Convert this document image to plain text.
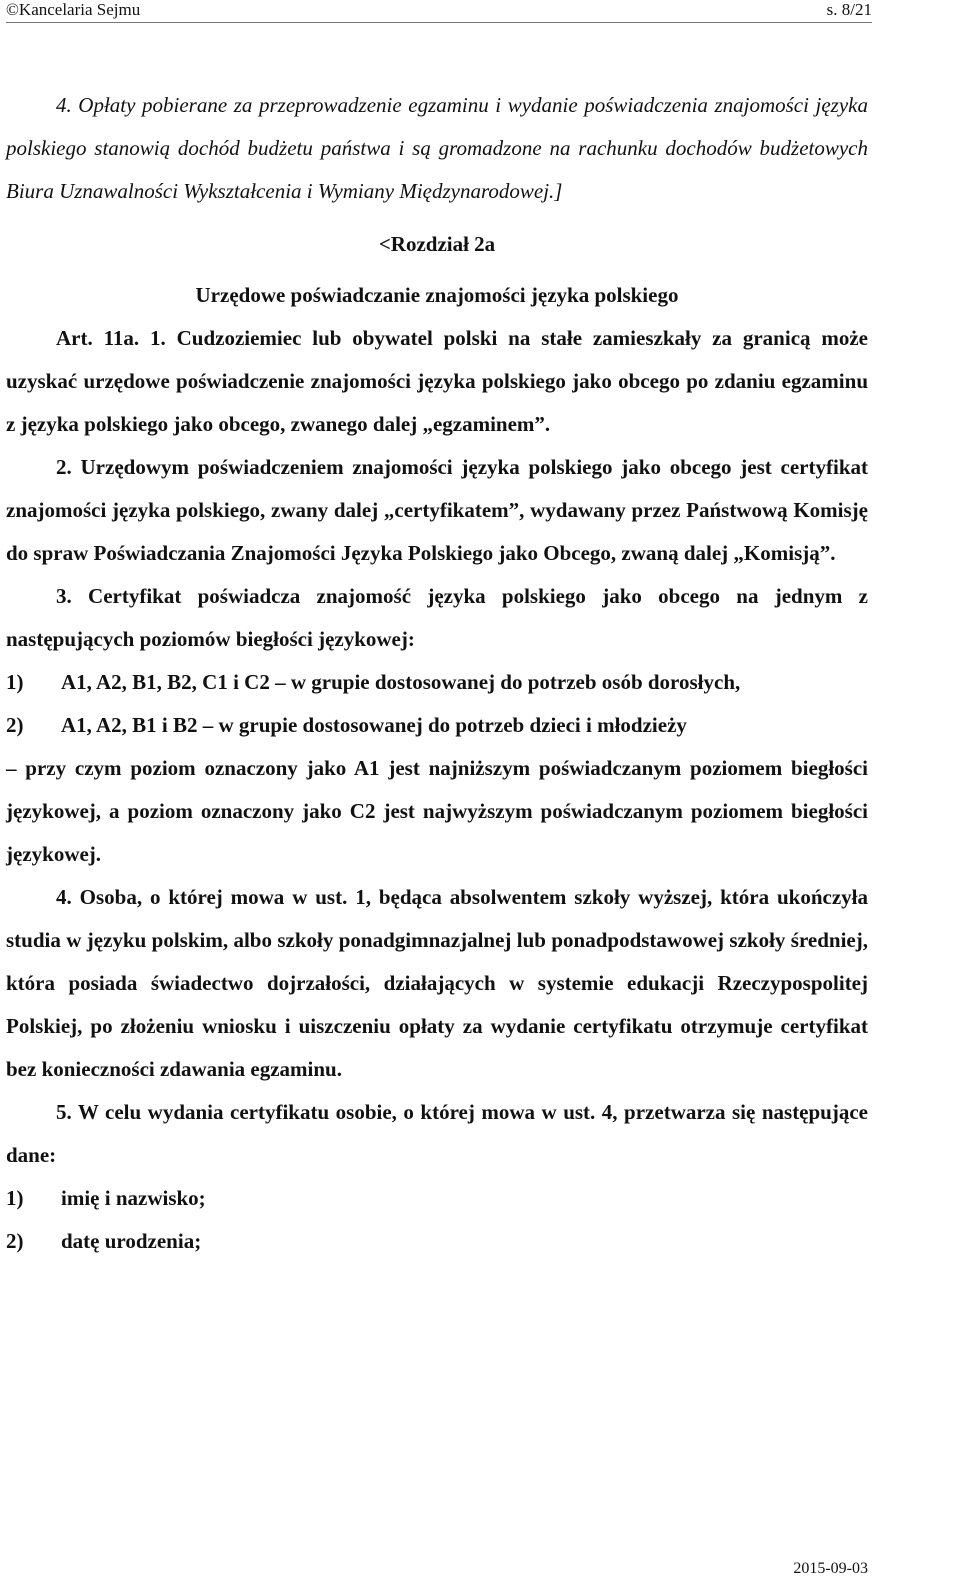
©Kancelaria Sejmu	s. 8/21

4. Opłaty pobierane za przeprowadzenie egzaminu i wydanie poświadczenia znajomości języka polskiego stanowią dochód budżetu państwa i są gromadzone na rachunku dochodów budżetowych Biura Uznawalności Wykształcenia i Wymiany Międzynarodowej.]

<Rozdział 2a

Urzędowe poświadczanie znajomości języka polskiego

Art. 11a. 1. Cudzoziemiec lub obywatel polski na stałe zamieszkały za granicą może uzyskać urzędowe poświadczenie znajomości języka polskiego jako obcego po zdaniu egzaminu z języka polskiego jako obcego, zwanego dalej „egzaminem”.

2. Urzędowym poświadczeniem znajomości języka polskiego jako obcego jest certyfikat znajomości języka polskiego, zwany dalej „certyfikatem”, wydawany przez Państwową Komisję do spraw Poświadczania Znajomości Języka Polskiego jako Obcego, zwaną dalej „Komisją”.

3. Certyfikat poświadcza znajomość języka polskiego jako obcego na jednym z następujących poziomów biegłości językowej:

1)	A1, A2, B1, B2, C1 i C2 – w grupie dostosowanej do potrzeb osób dorosłych,
2)	A1, A2, B1 i B2 – w grupie dostosowanej do potrzeb dzieci i młodzieży

– przy czym poziom oznaczony jako A1 jest najniższym poświadczanym poziomem biegłości językowej, a poziom oznaczony jako C2 jest najwyższym poświadczanym poziomem biegłości językowej.

4. Osoba, o której mowa w ust. 1, będąca absolwentem szkoły wyższej, która ukończyła studia w języku polskim, albo szkoły ponadgimnazjalnej lub ponadpodstawowej szkoły średniej, która posiada świadectwo dojrzałości, działających w systemie edukacji Rzeczypospolitej Polskiej, po złożeniu wniosku i uiszczeniu opłaty za wydanie certyfikatu otrzymuje certyfikat bez konieczności zdawania egzaminu.

5. W celu wydania certyfikatu osobie, o której mowa w ust. 4, przetwarza się następujące dane:

1)	imię i nazwisko;
2)	datę urodzenia;
2015-09-03
